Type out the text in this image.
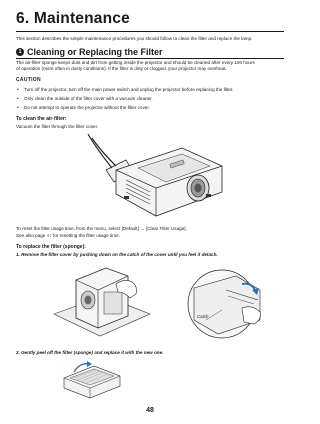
6. Maintenance
This section describes the simple maintenance procedures you should follow to clean the filter and replace the lamp.
1 Cleaning or Replacing the Filter
The air-filter sponge keeps dust and dirt from getting inside the projector and should be cleaned after every 100 hours
of operation (more often in dusty conditions). If the filter is dirty or clogged, your projector may overheat.
CAUTION
• Turn off the projector, turn off the main power switch and unplug the projector before replacing the filter.
• Only clean the outside of the filter cover with a vacuum cleaner.
• Do not attempt to operate the projector without the filter cover.
To clean the air-filter:
Vacuum the filter through the filter cover.
To reset the filter usage time, from the menu, select [Default] → [Clear Filter Usage].
See also page 47 for resetting the filter usage time.
To replace the filter (sponge):
1. Remove the filter cover by pushing down on the catch of the cover until you feel it detach.
Catch
2. Gently peel off the filter (sponge) and replace it with the new one.
48
